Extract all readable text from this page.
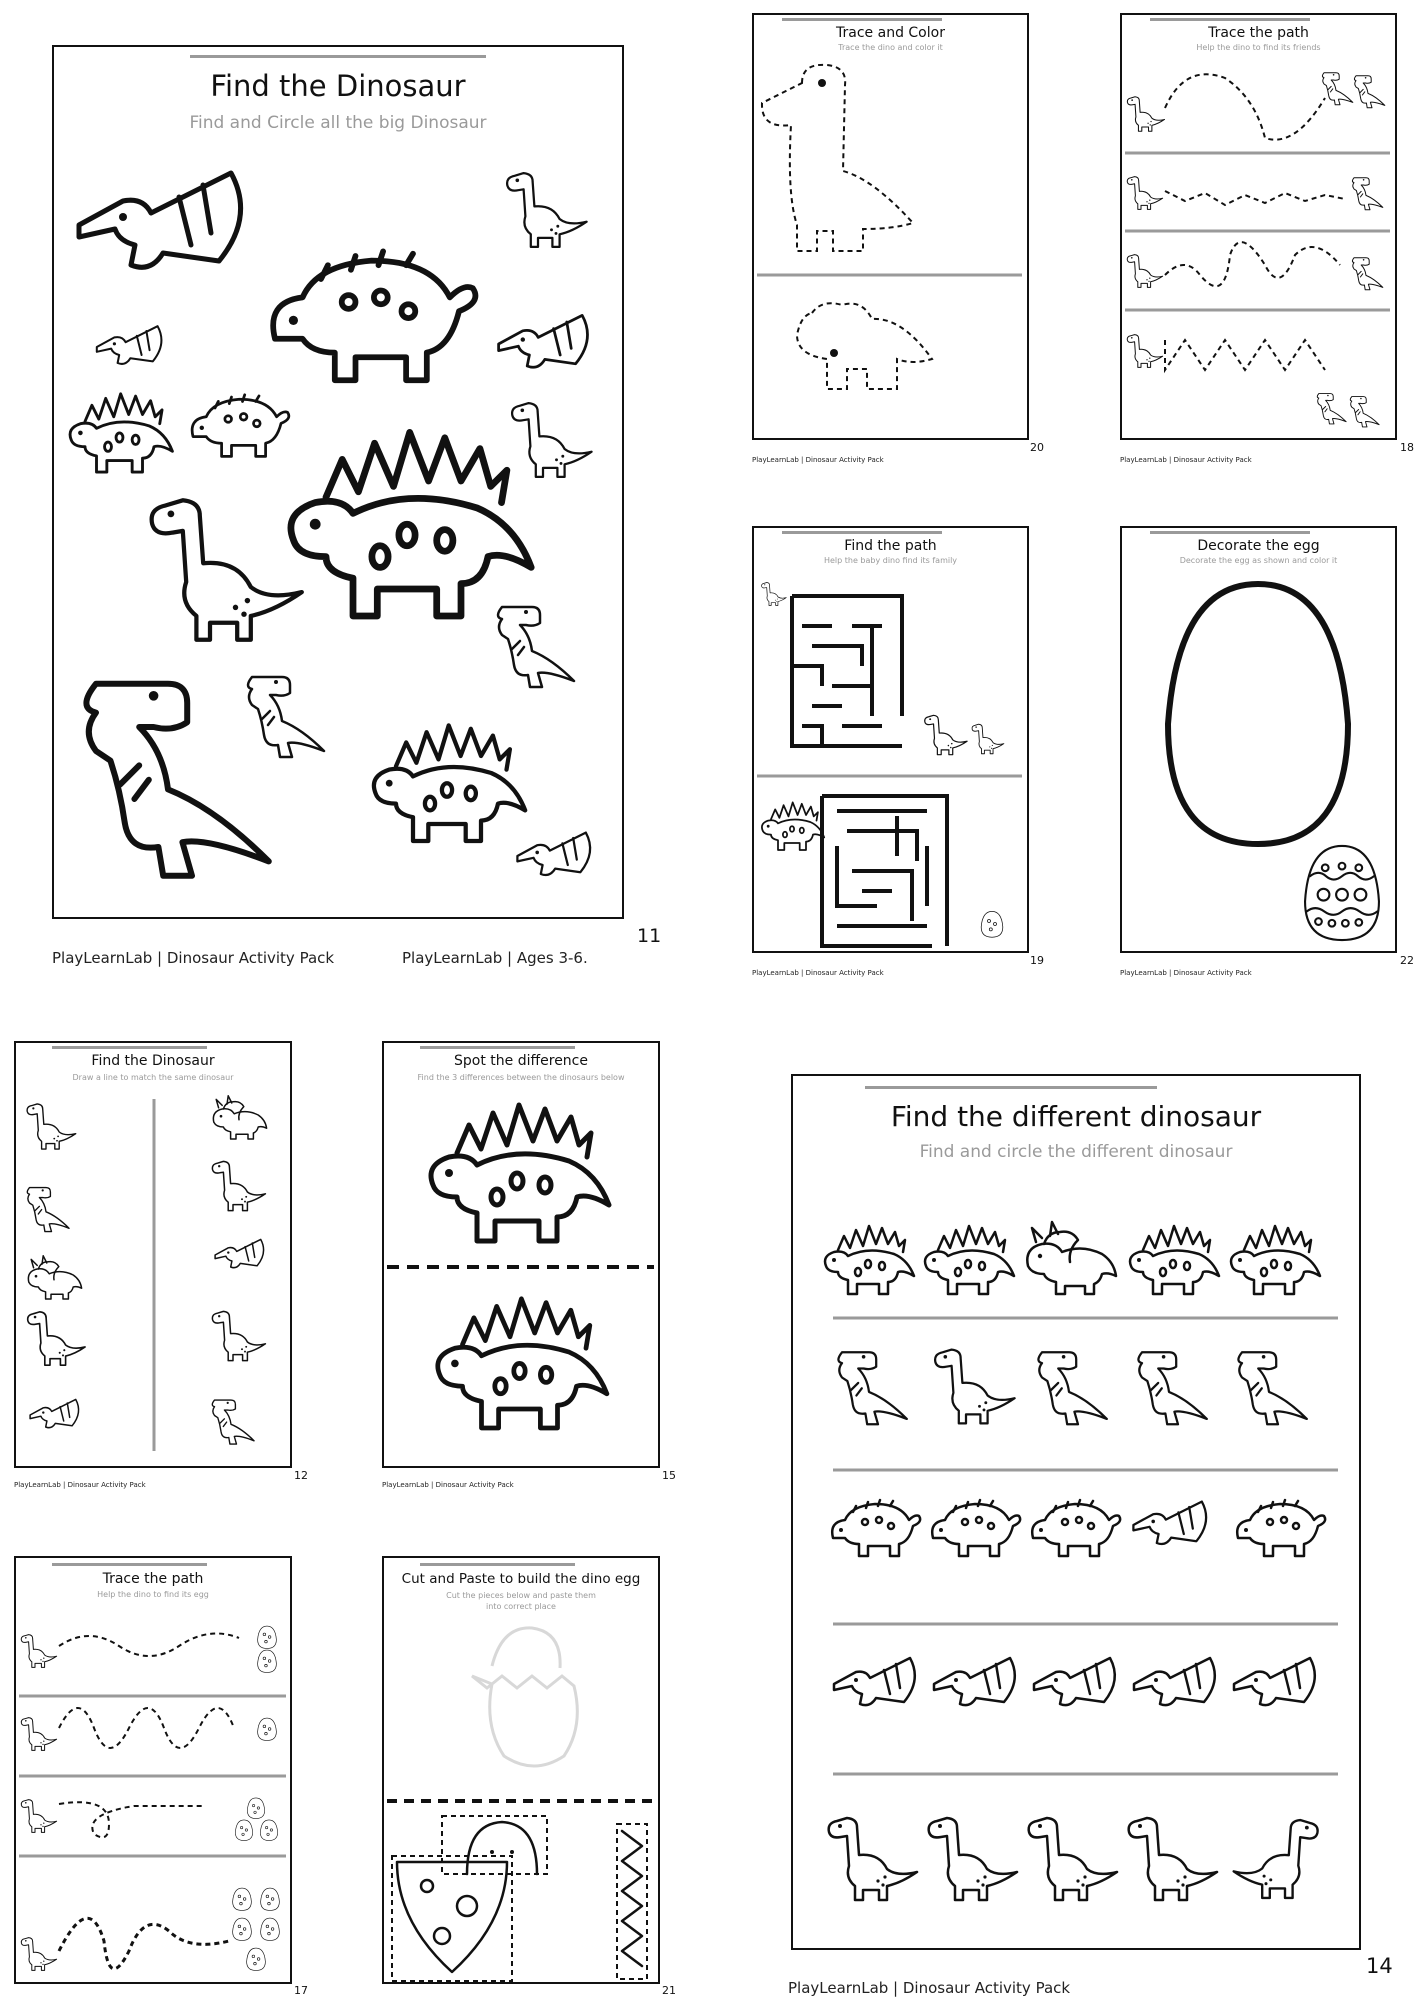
Find the Dinosaur
Find and Circle all the big Dinosaur
11
PlayLearnLab | Dinosaur Activity Pack	PlayLearnLab | Ages 3-6.
Trace and Color
Trace the dino and color it
20
PlayLearnLab | Dinosaur Activity Pack
Trace the path
Help the dino to find its friends
18
PlayLearnLab | Dinosaur Activity Pack
Find the path
Help the baby dino find its family
19
PlayLearnLab | Dinosaur Activity Pack
Decorate the egg
Decorate the egg as shown and color it
22
PlayLearnLab | Dinosaur Activity Pack
Find the Dinosaur
Draw a line to match the same dinosaur
12
PlayLearnLab | Dinosaur Activity Pack
Spot the difference
Find the 3 differences between the dinosaurs below
15
PlayLearnLab | Dinosaur Activity Pack
Trace the path
Help the dino to find its egg
17
Cut and Paste to build the dino egg
Cut the pieces below and paste them into correct place
21
Find the different dinosaur
Find and circle the different dinosaur
14
PlayLearnLab | Dinosaur Activity Pack
